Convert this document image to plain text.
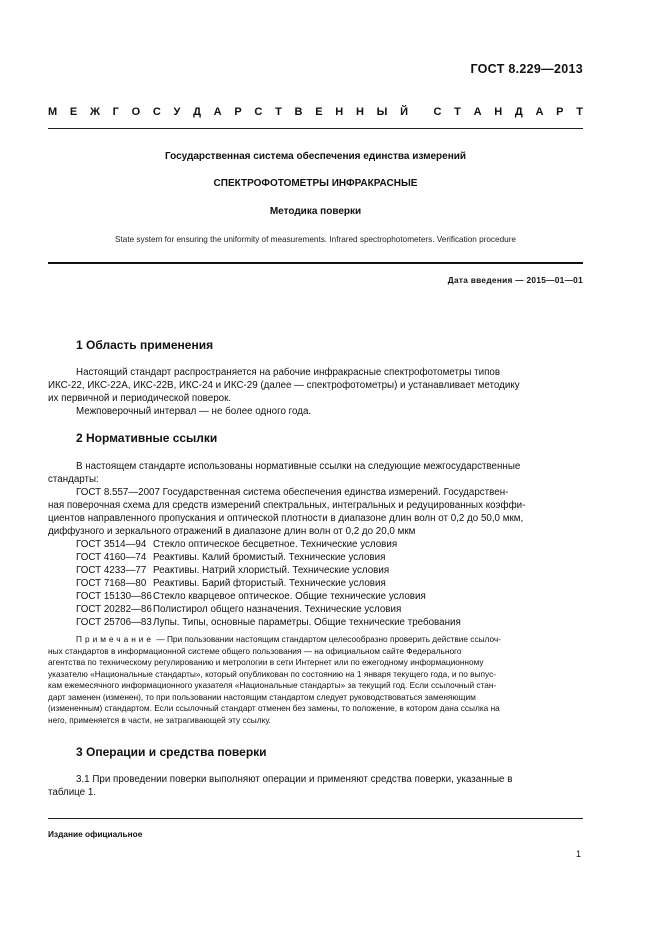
ГОСТ 8.229—2013
М Е Ж Г О С У Д А Р С Т В Е Н Н Ы Й С Т А Н Д А Р Т
Государственная система обеспечения единства измерений
СПЕКТРОФОТОМЕТРЫ ИНФРАКРАСНЫЕ
Методика поверки
State system for ensuring the uniformity of measurements. Infrared spectrophotometers. Verification procedure
Дата введения — 2015—01—01
1 Область применения

Настоящий стандарт распространяется на рабочие инфракрасные спектрофотометры типов

ИКС-22, ИКС-22А, ИКС-22В, ИКС-24 и ИКС-29 (далее — спектрофотометры) и устанавливает методику

их первичной и периодической поверок.

Межповерочный интервал — не более одного года.

2 Нормативные ссылки

В настоящем стандарте использованы нормативные ссылки на следующие межгосударственные

стандарты:

ГОСТ 8.557—2007 Государственная система обеспечения единства измерений. Государствен-

ная поверочная схема для средств измерений спектральных, интегральных и редуцированных коэффи-

циентов направленного пропускания и оптической плотности в диапазоне длин волн от 0,2 до 50,0 мкм,

диффузного и зеркального отражений в диапазоне длин волн от 0,2 до 20,0 мкм

ГОСТ 3514—94 Стекло оптическое бесцветное. Технические условия
ГОСТ 4160—74 Реактивы. Калий бромистый. Технические условия
ГОСТ 4233—77 Реактивы. Натрий хлористый. Технические условия
ГОСТ 7168—80 Реактивы. Барий фтористый. Технические условия
ГОСТ 15130—86 Стекло кварцевое оптическое. Общие технические условия
ГОСТ 20282—86 Полистирол общего назначения. Технические условия
ГОСТ 25706—83 Лупы. Типы, основные параметры. Общие технические требования
Примечание — При пользовании настоящим стандартом целесообразно проверить действие ссылоч-
ных стандартов в информационной системе общего пользования — на официальном сайте Федерального
агентства по техническому регулированию и метрологии в сети Интернет или по ежегодному информационному
указателю «Национальные стандарты», который опубликован по состоянию на 1 января текущего года, и по выпус-
кам ежемесячного информационного указателя «Национальные стандарты» за текущий год. Если ссылочный стан-
дарт заменен (изменен), то при пользовании настоящим стандартом следует руководствоваться заменяющим
(измененным) стандартом. Если ссылочный стандарт отменен без замены, то положение, в котором дана ссылка на
него, применяется в части, не затрагивающей эту ссылку.
3 Операции и средства поверки

3.1 При проведении поверки выполняют операции и применяют средства поверки, указанные в

таблице 1.

Издание официальное
1
